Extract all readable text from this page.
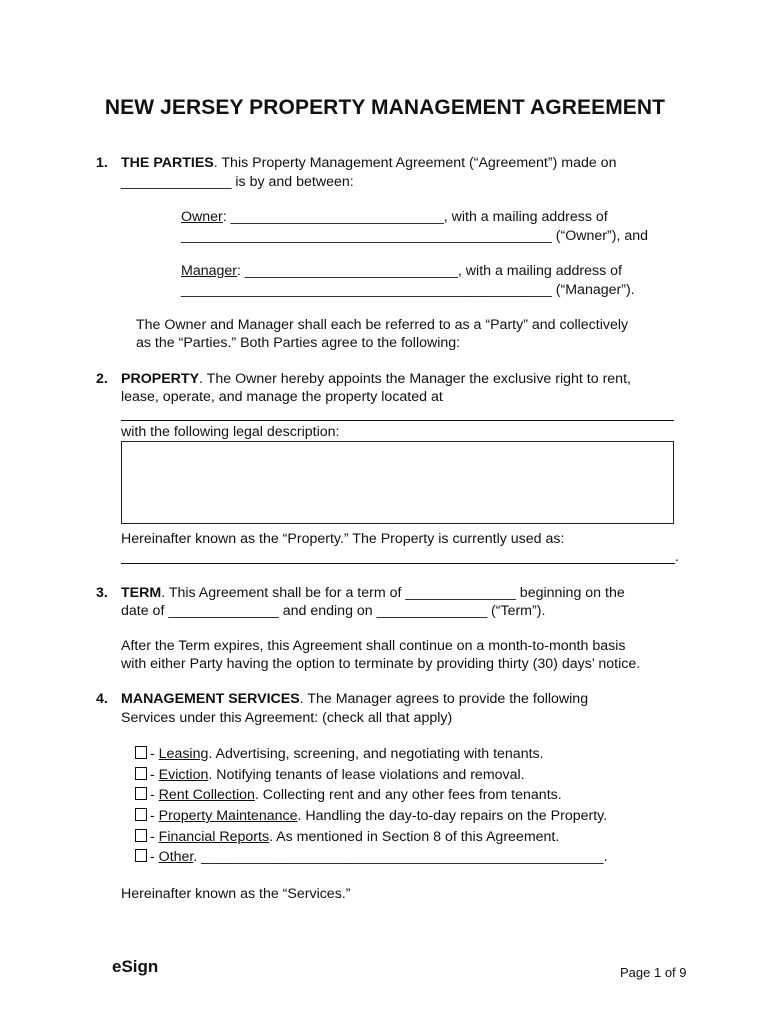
NEW JERSEY PROPERTY MANAGEMENT AGREEMENT
1. THE PARTIES. This Property Management Agreement (“Agreement”) made on
______________ is by and between:
Owner: ___________________________, with a mailing address of
_______________________________________________ (“Owner”), and
Manager: ___________________________, with a mailing address of
_______________________________________________ (“Manager”).
The Owner and Manager shall each be referred to as a “Party” and collectively
as the “Parties.” Both Parties agree to the following:
2. PROPERTY. The Owner hereby appoints the Manager the exclusive right to rent,
lease, operate, and manage the property located at
with the following legal description:
Hereinafter known as the “Property.” The Property is currently used as:
.
3. TERM. This Agreement shall be for a term of ______________ beginning on the
date of ______________ and ending on ______________ (“Term”).
After the Term expires, this Agreement shall continue on a month-to-month basis
with either Party having the option to terminate by providing thirty (30) days’ notice.
4. MANAGEMENT SERVICES. The Manager agrees to provide the following
Services under this Agreement: (check all that apply)
- Leasing. Advertising, screening, and negotiating with tenants.
- Eviction. Notifying tenants of lease violations and removal.
- Rent Collection. Collecting rent and any other fees from tenants.
- Property Maintenance. Handling the day-to-day repairs on the Property.
- Financial Reports. As mentioned in Section 8 of this Agreement.
- Other. ___________________________________________________.
Hereinafter known as the “Services.”
eSign	Page 1 of 9
